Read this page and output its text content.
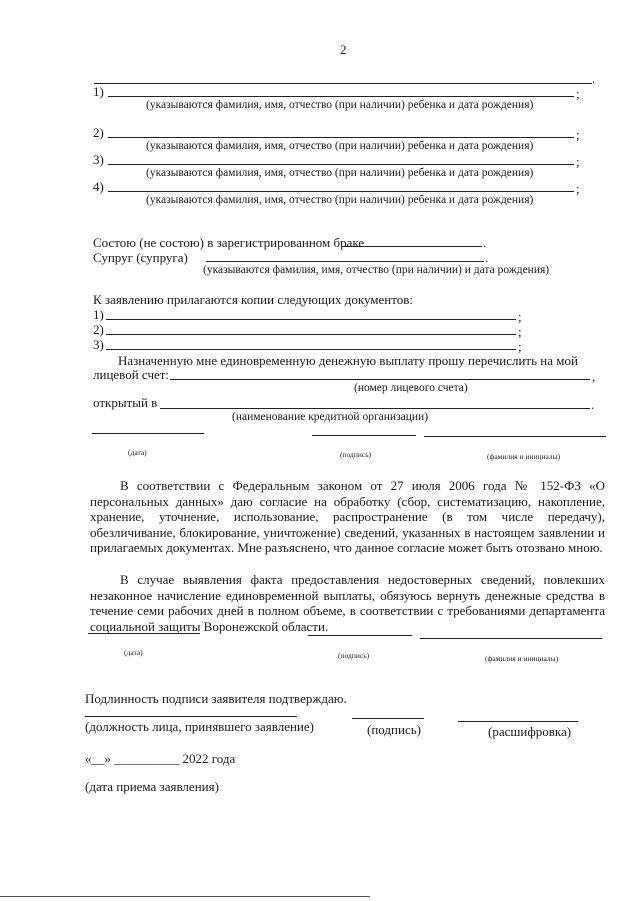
2
.
1)	;
(указываются фамилия, имя, отчество (при наличии) ребенка и дата рождения)
2)	;
(указываются фамилия, имя, отчество (при наличии) ребенка и дата рождения)
3)	;
(указываются фамилия, имя, отчество (при наличии) ребенка и дата рождения)
4)	;
(указываются фамилия, имя, отчество (при наличии) ребенка и дата рождения)
Состою (не состою) в зарегистрированном браке	.
Супруг (супруга)	.
(указываются фамилия, имя, отчество (при наличии) и дата рождения)
К заявлению прилагаются копии следующих документов:
1)	;
2)	;
3)	;
Назначенную мне единовременную денежную выплату прошу перечислить на мой
лицевой счет:	,
(номер лицевого счета)
открытый в	.
(наименование кредитной организации)
(дата)	(подпись)	(фамилия и инициалы)
В соответствии с Федеральным законом от 27 июля 2006 года № 152-ФЗ «О персональных данных» даю согласие на обработку (сбор, систематизацию, накопление, хранение, уточнение, использование, распространение (в том числе передачу), обезличивание, блокирование, уничтожение) сведений, указанных в настоящем заявлении и прилагаемых документах. Мне разъяснено, что данное согласие может быть отозвано мною.
В случае выявления факта предоставления недостоверных сведений, повлекших незаконное начисление единовременной выплаты, обязуюсь вернуть денежные средства в течение семи рабочих дней в полном объеме, в соответствии с требованиями департамента социальной защиты Воронежской области.
(дата)	(подпись)	(фамилия и инициалы)
Подлинность подписи заявителя подтверждаю.
(должность лица, принявшего заявление)	(подпись)	(расшифровка)
«__» __________ 2022 года
(дата приема заявления)
